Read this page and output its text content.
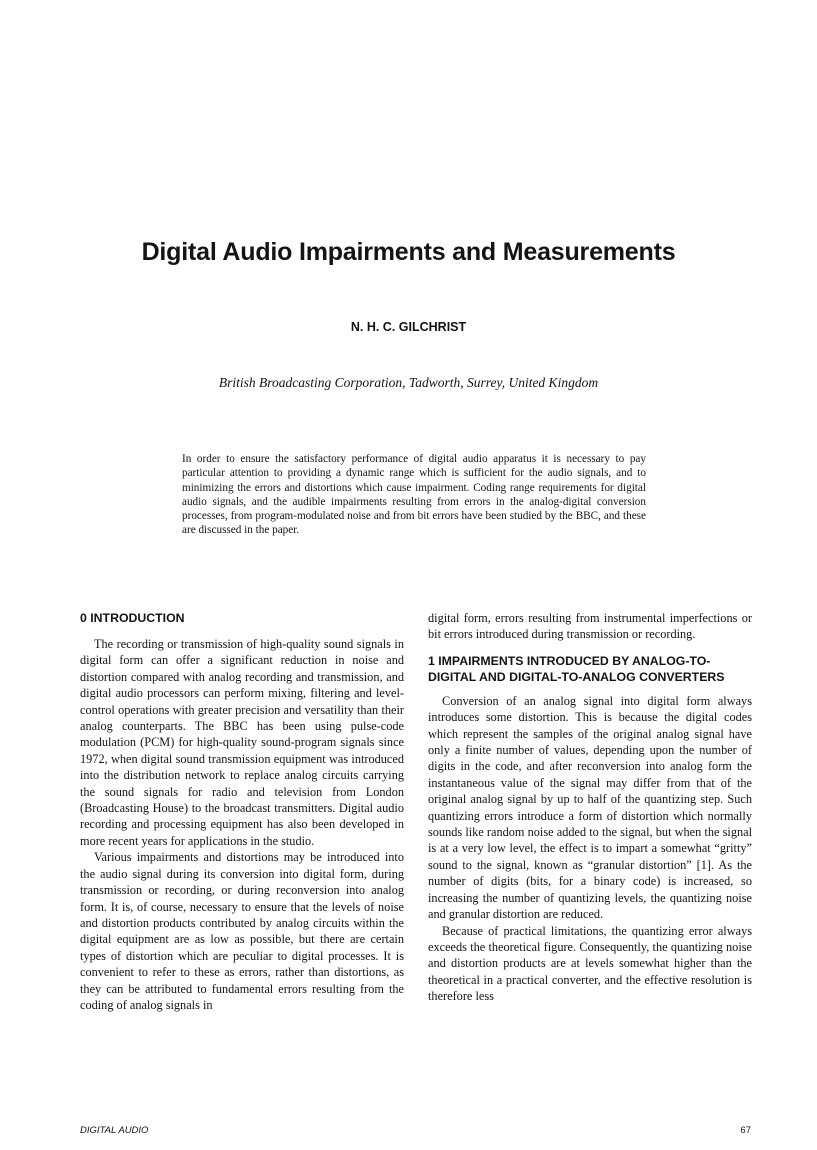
Digital Audio Impairments and Measurements
N. H. C. GILCHRIST
British Broadcasting Corporation, Tadworth, Surrey, United Kingdom

In order to ensure the satisfactory performance of digital audio apparatus it is necessary to pay particular attention to providing a dynamic range which is sufficient for the audio signals, and to minimizing the errors and distortions which cause impairment. Coding range requirements for digital audio signals, and the audible impairments resulting from errors in the analog-digital conversion processes, from program-modulated noise and from bit errors have been studied by the BBC, and these are discussed in the paper.

0 INTRODUCTION

The recording or transmission of high-quality sound signals in digital form can offer a significant reduction in noise and distortion compared with analog recording and transmission, and digital audio processors can perform mixing, filtering and level-control operations with greater precision and versatility than their analog counterparts. The BBC has been using pulse-code modulation (PCM) for high-quality sound-program signals since 1972, when digital sound transmission equipment was introduced into the distribution network to replace analog circuits carrying the sound signals for radio and television from London (Broadcasting House) to the broadcast transmitters. Digital audio recording and processing equipment has also been developed in more recent years for applications in the studio.

Various impairments and distortions may be introduced into the audio signal during its conversion into digital form, during transmission or recording, or during reconversion into analog form. It is, of course, necessary to ensure that the levels of noise and distortion products contributed by analog circuits within the digital equipment are as low as possible, but there are certain types of distortion which are peculiar to digital processes. It is convenient to refer to these as errors, rather than distortions, as they can be attributed to fundamental errors resulting from the coding of analog signals in

digital form, errors resulting from instrumental imperfections or bit errors introduced during transmission or recording.

1 IMPAIRMENTS INTRODUCED BY ANALOG-TO-DIGITAL AND DIGITAL-TO-ANALOG CONVERTERS

Conversion of an analog signal into digital form always introduces some distortion. This is because the digital codes which represent the samples of the original analog signal have only a finite number of values, depending upon the number of digits in the code, and after reconversion into analog form the instantaneous value of the signal may differ from that of the original analog signal by up to half of the quantizing step. Such quantizing errors introduce a form of distortion which normally sounds like random noise added to the signal, but when the signal is at a very low level, the effect is to impart a somewhat “gritty” sound to the signal, known as “granular distortion” [1]. As the number of digits (bits, for a binary code) is increased, so increasing the number of quantizing levels, the quantizing noise and granular distortion are reduced.

Because of practical limitations, the quantizing error always exceeds the theoretical figure. Consequently, the quantizing noise and distortion products are at levels somewhat higher than the theoretical in a practical converter, and the effective resolution is therefore less

DIGITAL AUDIO	67
